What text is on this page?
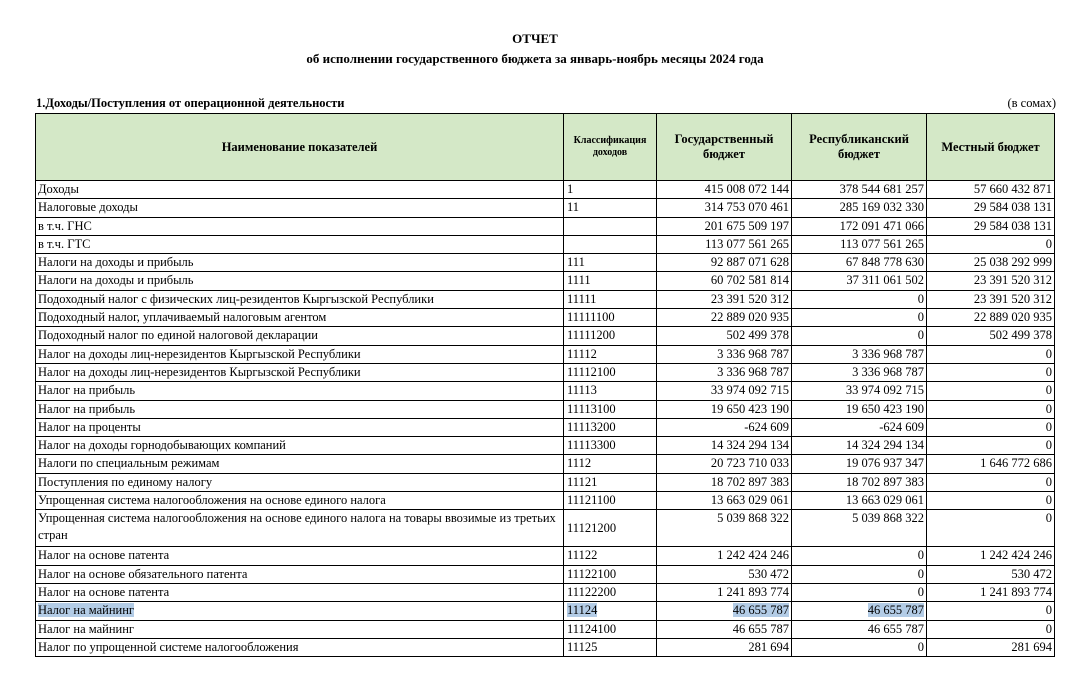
ОТЧЕТ
об исполнении государственного бюджета за январь-ноябрь месяцы 2024 года
1.Доходы/Поступления от операционной деятельности	(в сомах)
Наименование показателей	Классификация доходов	Государственный бюджет	Республиканский бюджет	Местный бюджет
Доходы	1	415 008 072 144	378 544 681 257	57 660 432 871
Налоговые доходы	11	314 753 070 461	285 169 032 330	29 584 038 131
в т.ч. ГНС		201 675 509 197	172 091 471 066	29 584 038 131
в т.ч. ГТС		113 077 561 265	113 077 561 265	0
Налоги на доходы и прибыль	111	92 887 071 628	67 848 778 630	25 038 292 999
Налоги на доходы и прибыль	1111	60 702 581 814	37 311 061 502	23 391 520 312
Подоходный налог с физических лиц-резидентов Кыргызской Республики	11111	23 391 520 312	0	23 391 520 312
Подоходный налог, уплачиваемый налоговым агентом	11111100	22 889 020 935	0	22 889 020 935
Подоходный налог по единой налоговой декларации	11111200	502 499 378	0	502 499 378
Налог на доходы лиц-нерезидентов Кыргызской Республики	11112	3 336 968 787	3 336 968 787	0
Налог на доходы лиц-нерезидентов Кыргызской Республики	11112100	3 336 968 787	3 336 968 787	0
Налог на прибыль	11113	33 974 092 715	33 974 092 715	0
Налог на прибыль	11113100	19 650 423 190	19 650 423 190	0
Налог на проценты	11113200	-624 609	-624 609	0
Налог на доходы горнодобывающих компаний	11113300	14 324 294 134	14 324 294 134	0
Налоги по специальным режимам	1112	20 723 710 033	19 076 937 347	1 646 772 686
Поступления по единому налогу	11121	18 702 897 383	18 702 897 383	0
Упрощенная система налогообложения на основе единого налога	11121100	13 663 029 061	13 663 029 061	0
Упрощенная система налогообложения на основе единого налога на товары ввозимые из третьих стран	11121200	5 039 868 322	5 039 868 322	0
Налог на основе патента	11122	1 242 424 246	0	1 242 424 246
Налог на основе обязательного патента	11122100	530 472	0	530 472
Налог на основе патента	11122200	1 241 893 774	0	1 241 893 774
Налог на майнинг	11124	46 655 787	46 655 787	0
Налог на майнинг	11124100	46 655 787	46 655 787	0
Налог по упрощенной системе налогообложения	11125	281 694	0	281 694
